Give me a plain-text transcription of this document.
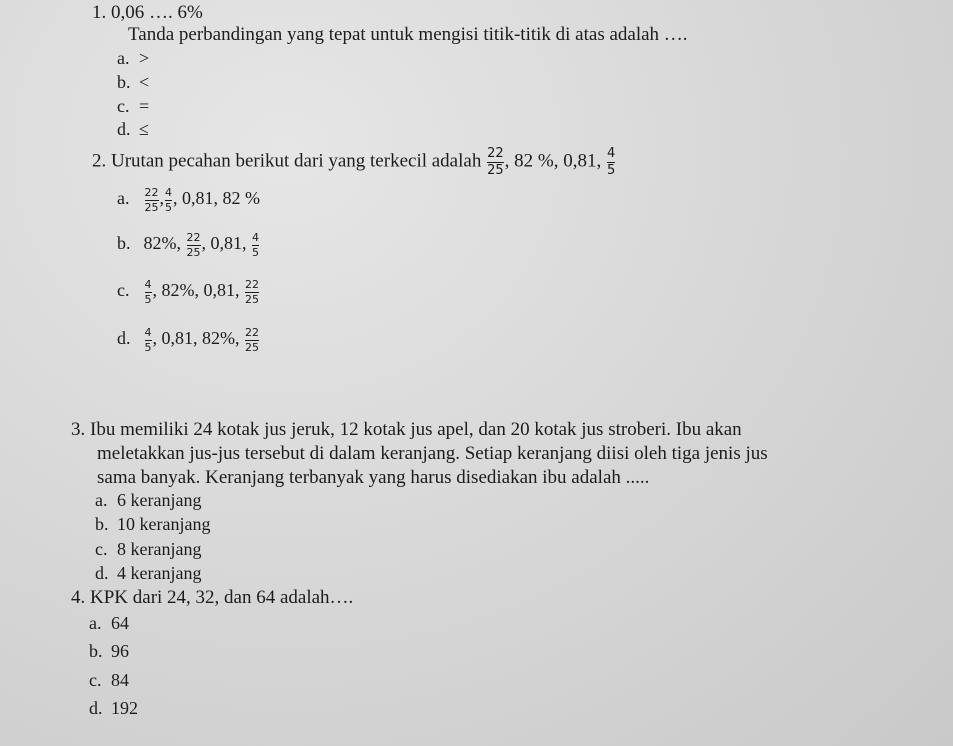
1. 0,06 …. 6%
Tanda perbandingan yang tepat untuk mengisi titik-titik di atas adalah ….
a. >
b. <
c. =
d. ≤
2. Urutan pecahan berikut dari yang terkecil adalah $\frac{22}{25}$ , 82 %, 0,81, $\frac{4}{5}$
a. $\frac{22}{25}$ , $\frac{4}{5}$ , 0,81, 82 %
b. 82%, $\frac{22}{25}$ , 0,81, $\frac{4}{5}$
c. $\frac{4}{5}$ , 82%, 0,81, $\frac{22}{25}$
d. $\frac{4}{5}$ , 0,81, 82%, $\frac{22}{25}$
3. Ibu memiliki 24 kotak jus jeruk, 12 kotak jus apel, dan 20 kotak jus stroberi. Ibu akan
meletakkan jus-jus tersebut di dalam keranjang. Setiap keranjang diisi oleh tiga jenis jus
sama banyak. Keranjang terbanyak yang harus disediakan ibu adalah .....
a. 6 keranjang
b. 10 keranjang
c. 8 keranjang
d. 4 keranjang
4. KPK dari 24, 32, dan 64 adalah….
a. 64
b. 96
c. 84
d. 192
